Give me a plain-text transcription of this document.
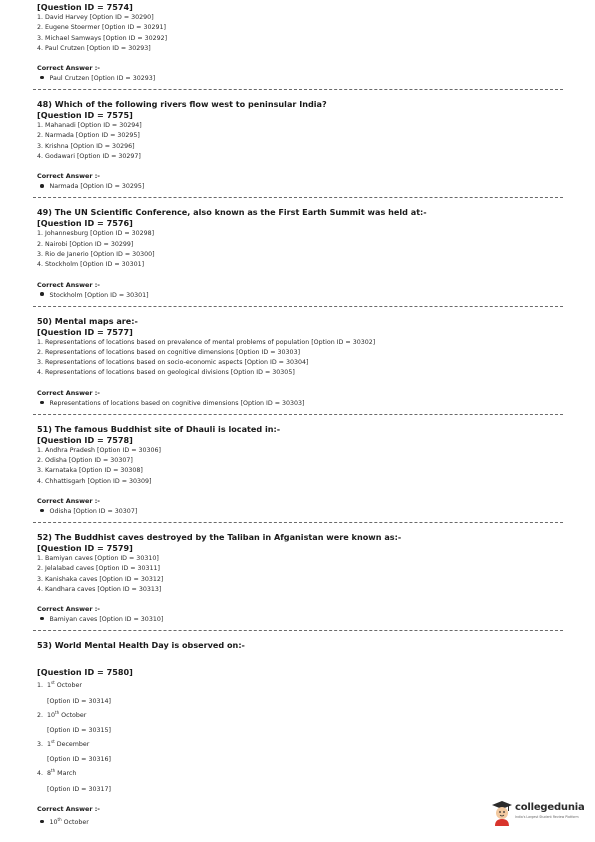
[Question ID = 7574]
1. David Harvey [Option ID = 30290]
2. Eugene Stoermer [Option ID = 30291]
3. Michael Samways [Option ID = 30292]
4. Paul Crutzen [Option ID = 30293]
Correct Answer :-
Paul Crutzen [Option ID = 30293]
48) Which of the following rivers flow west to peninsular India?
[Question ID = 7575]
1. Mahanadi [Option ID = 30294]
2. Narmada [Option ID = 30295]
3. Krishna [Option ID = 30296]
4. Godawari [Option ID = 30297]
Correct Answer :-
Narmada [Option ID = 30295]
49) The UN Scientific Conference, also known as the First Earth Summit was held at:-
[Question ID = 7576]
1. Johannesburg [Option ID = 30298]
2. Nairobi [Option ID = 30299]
3. Rio de Janerio [Option ID = 30300]
4. Stockholm [Option ID = 30301]
Correct Answer :-
Stockholm [Option ID = 30301]
50) Mental maps are:-
[Question ID = 7577]
1. Representations of locations based on prevalence of mental problems of population [Option ID = 30302]
2. Representations of locations based on cognitive dimensions [Option ID = 30303]
3. Representations of locations based on socio-economic aspects [Option ID = 30304]
4. Representations of locations based on geological divisions [Option ID = 30305]
Correct Answer :-
Representations of locations based on cognitive dimensions [Option ID = 30303]
51) The famous Buddhist site of Dhauli is located in:-
[Question ID = 7578]
1. Andhra Pradesh [Option ID = 30306]
2. Odisha [Option ID = 30307]
3. Karnataka [Option ID = 30308]
4. Chhattisgarh [Option ID = 30309]
Correct Answer :-
Odisha [Option ID = 30307]
52) The Buddhist caves destroyed by the Taliban in Afganistan were known as:-
[Question ID = 7579]
1. Bamiyan caves [Option ID = 30310]
2. Jelalabad caves [Option ID = 30311]
3. Kanishaka caves [Option ID = 30312]
4. Kandhara caves [Option ID = 30313]
Correct Answer :-
Bamiyan caves [Option ID = 30310]
53) World Mental Health Day is observed on:-
[Question ID = 7580]
1. 1st October
[Option ID = 30314]
2. 10th October
[Option ID = 30315]
3. 1st December
[Option ID = 30316]
4. 8th March
[Option ID = 30317]
Correct Answer :-
10th October
collegedunia
India's Largest Student Review Platform
